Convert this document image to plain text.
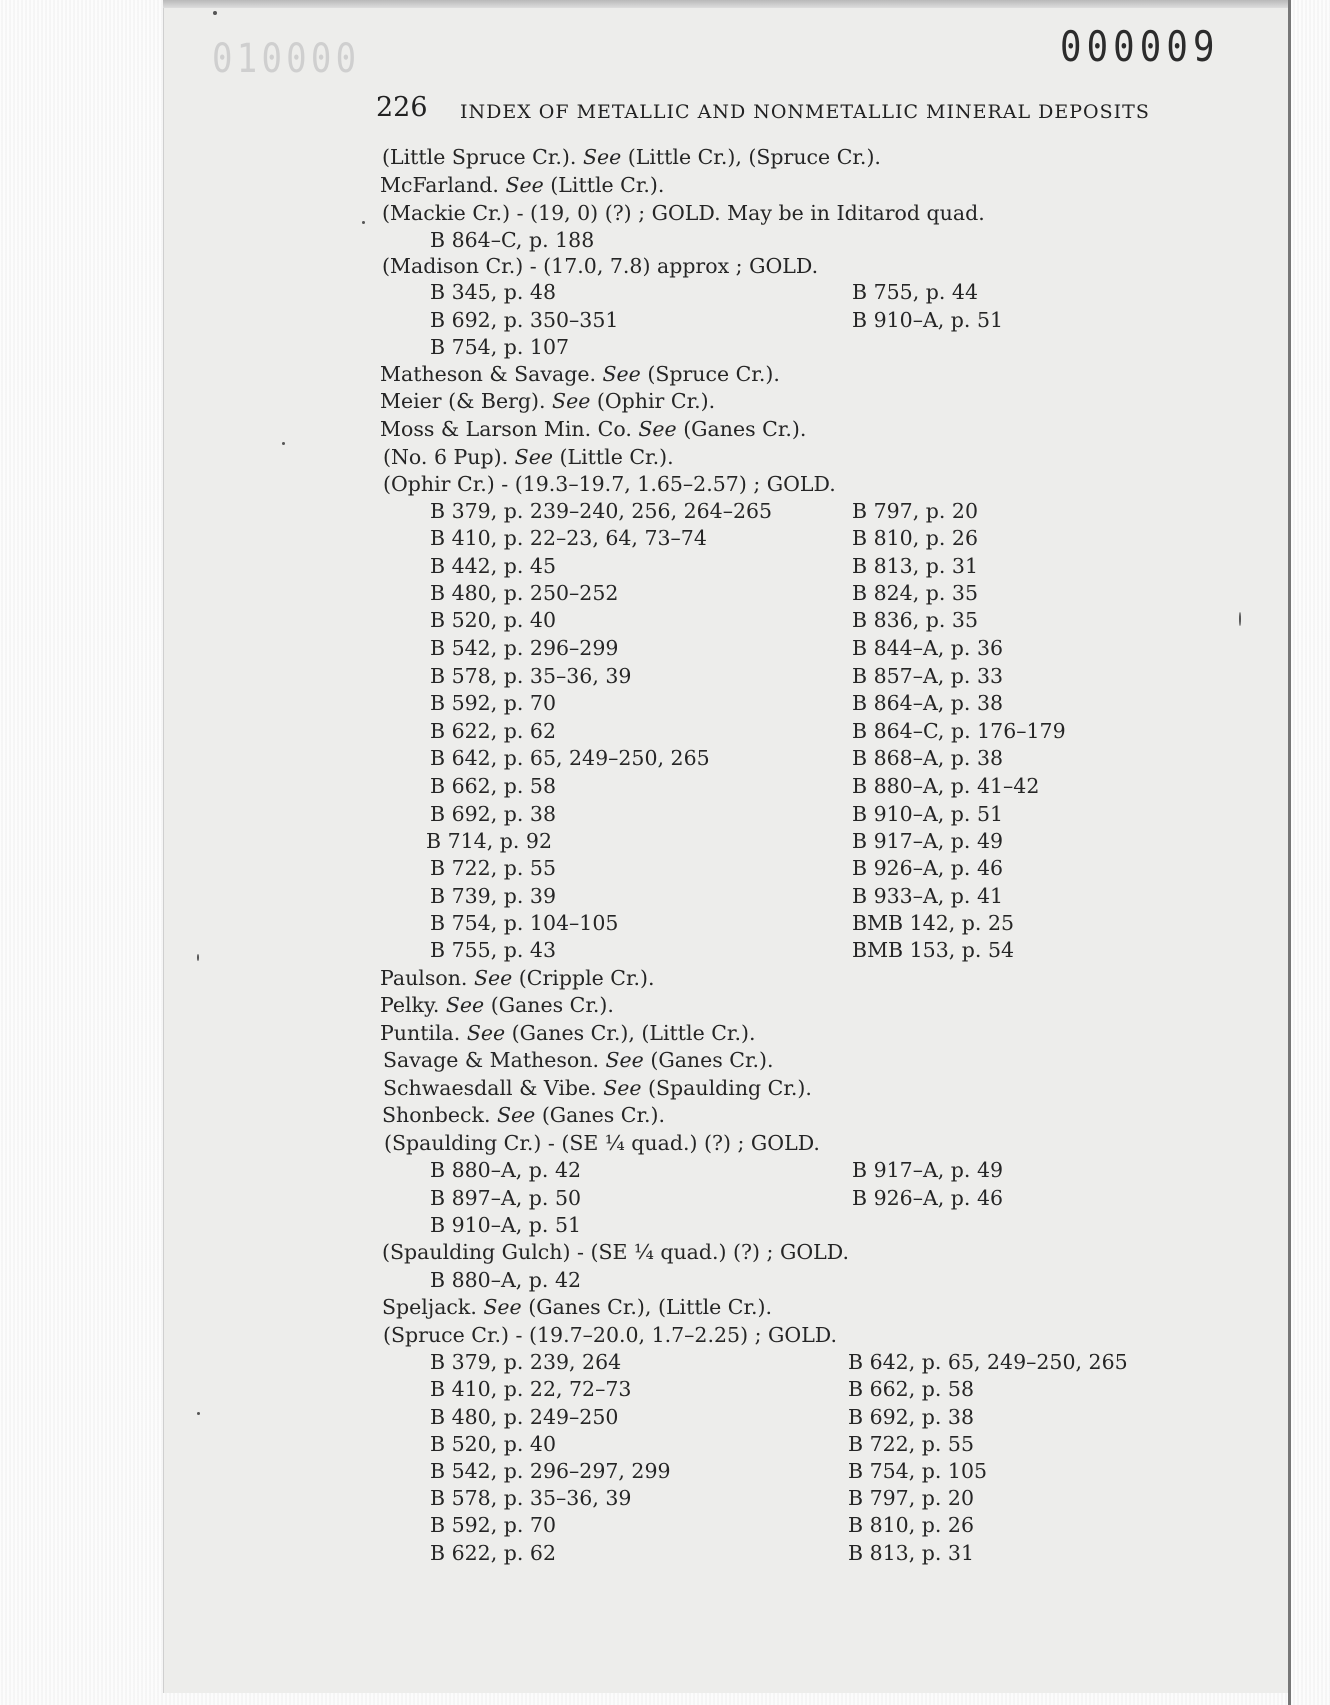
010000	000009
226 INDEX OF METALLIC AND NONMETALLIC MINERAL DEPOSITS
(Little Spruce Cr.). See (Little Cr.), (Spruce Cr.).
McFarland. See (Little Cr.).
(Mackie Cr.) - (19, 0) (?) ; GOLD. May be in Iditarod quad.
B 864–C, p. 188
(Madison Cr.) - (17.0, 7.8) approx ; GOLD.
B 345, p. 48	B 755, p. 44
B 692, p. 350–351	B 910–A, p. 51
B 754, p. 107
Matheson & Savage. See (Spruce Cr.).
Meier (& Berg). See (Ophir Cr.).
Moss & Larson Min. Co. See (Ganes Cr.).
(No. 6 Pup). See (Little Cr.).
(Ophir Cr.) - (19.3–19.7, 1.65–2.57) ; GOLD.
B 379, p. 239–240, 256, 264–265	B 797, p. 20
B 410, p. 22–23, 64, 73–74	B 810, p. 26
B 442, p. 45	B 813, p. 31
B 480, p. 250–252	B 824, p. 35
B 520, p. 40	B 836, p. 35
B 542, p. 296–299	B 844–A, p. 36
B 578, p. 35–36, 39	B 857–A, p. 33
B 592, p. 70	B 864–A, p. 38
B 622, p. 62	B 864–C, p. 176–179
B 642, p. 65, 249–250, 265	B 868–A, p. 38
B 662, p. 58	B 880–A, p. 41–42
B 692, p. 38	B 910–A, p. 51
B 714, p. 92	B 917–A, p. 49
B 722, p. 55	B 926–A, p. 46
B 739, p. 39	B 933–A, p. 41
B 754, p. 104–105	BMB 142, p. 25
B 755, p. 43	BMB 153, p. 54
Paulson. See (Cripple Cr.).
Pelky. See (Ganes Cr.).
Puntila. See (Ganes Cr.), (Little Cr.).
Savage & Matheson. See (Ganes Cr.).
Schwaesdall & Vibe. See (Spaulding Cr.).
Shonbeck. See (Ganes Cr.).
(Spaulding Cr.) - (SE ¼ quad.) (?) ; GOLD.
B 880–A, p. 42	B 917–A, p. 49
B 897–A, p. 50	B 926–A, p. 46
B 910–A, p. 51
(Spaulding Gulch) - (SE ¼ quad.) (?) ; GOLD.
B 880–A, p. 42
Speljack. See (Ganes Cr.), (Little Cr.).
(Spruce Cr.) - (19.7–20.0, 1.7–2.25) ; GOLD.
B 379, p. 239, 264	B 642, p. 65, 249–250, 265
B 410, p. 22, 72–73	B 662, p. 58
B 480, p. 249–250	B 692, p. 38
B 520, p. 40	B 722, p. 55
B 542, p. 296–297, 299	B 754, p. 105
B 578, p. 35–36, 39	B 797, p. 20
B 592, p. 70	B 810, p. 26
B 622, p. 62	B 813, p. 31
